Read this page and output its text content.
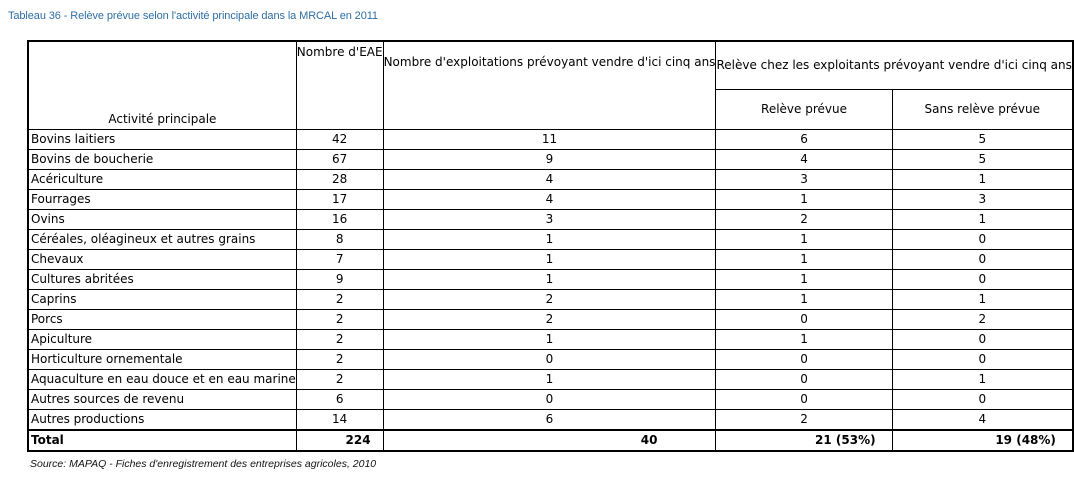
Tableau 36 - Relève prévue selon l'activité principale dans la MRCAL en 2011
Activité principale	Nombre d'EAE	Nombre d'exploitations prévoyant vendre d'ici cinq ans	Relève chez les exploitants prévoyant vendre d'ici cinq ans	
			Relève prévue	Sans relève prévue
Bovins laitiers	42	11	6	5
Bovins de boucherie	67	9	4	5
Acériculture	28	4	3	1
Fourrages	17	4	1	3
Ovins	16	3	2	1
Céréales, oléagineux et autres grains	8	1	1	0
Chevaux	7	1	1	0
Cultures abritées	9	1	1	0
Caprins	2	2	1	1
Porcs	2	2	0	2
Apiculture	2	1	1	0
Horticulture ornementale	2	0	0	0
Aquaculture en eau douce et en eau marine	2	1	0	1
Autres sources de revenu	6	0	0	0
Autres productions	14	6	2	4
Total	224	40	21 (53%)	19 (48%)
Source: MAPAQ - Fiches d'enregistrement des entreprises agricoles, 2010
